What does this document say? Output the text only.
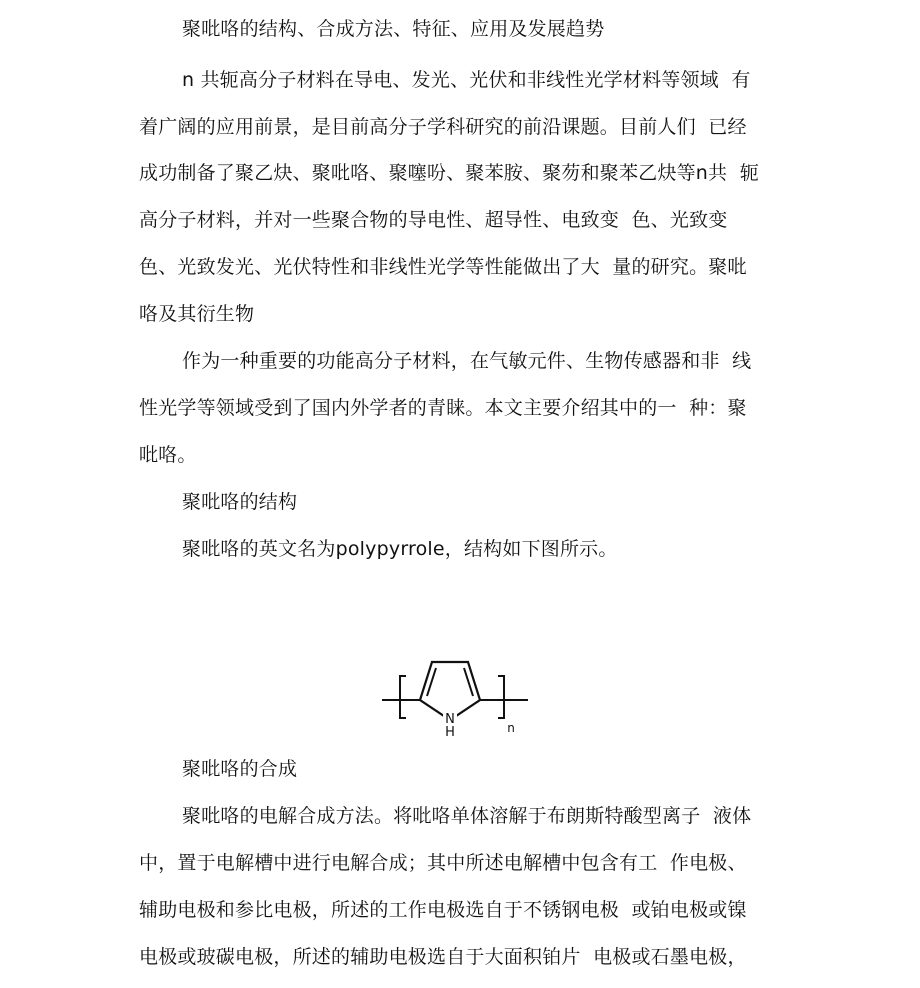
聚吡咯的结构、合成方法、特征、应用及发展趋势
n 共轭高分子材料在导电、发光、光伏和非线性光学材料等领域  有
着广阔的应用前景，是目前高分子学科研究的前沿课题。目前人们  已经
成功制备了聚乙炔、聚吡咯、聚噻吩、聚苯胺、聚芴和聚苯乙炔等n共  轭
高分子材料，并对一些聚合物的导电性、超导性、电致变  色、光致变
色、光致发光、光伏特性和非线性光学等性能做出了大  量的研究。聚吡
咯及其衍生物
作为一种重要的功能高分子材料，在气敏元件、生物传感器和非  线
性光学等领域受到了国内外学者的青睐。本文主要介绍其中的一  种：聚
吡咯。
聚吡咯的结构
聚吡咯的英文名为polypyrrole，结构如下图所示。
N
H	n
聚吡咯的合成
聚吡咯的电解合成方法。将吡咯单体溶解于布朗斯特酸型离子  液体
中，置于电解槽中进行电解合成；其中所述电解槽中包含有工  作电极、
辅助电极和参比电极，所述的工作电极选自于不锈钢电极  或铂电极或镍
电极或玻碳电极，所述的辅助电极选自于大面积铂片  电极或石墨电极，
